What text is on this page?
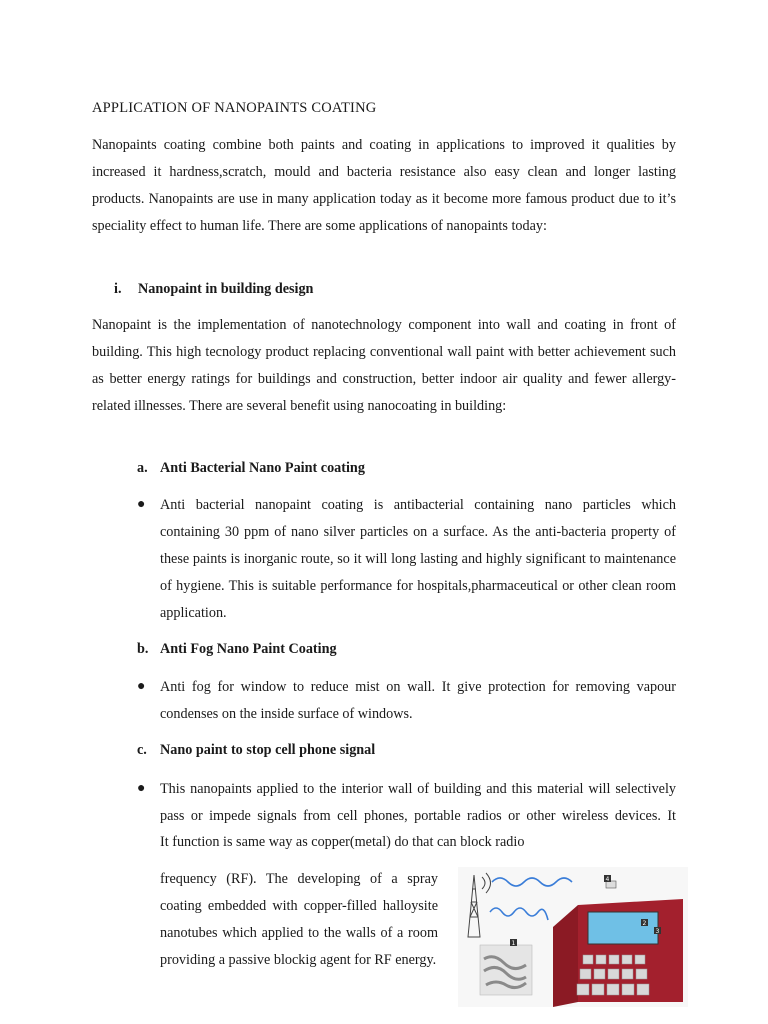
APPLICATION OF NANOPAINTS COATING
Nanopaints coating combine both paints and coating in applications to improved it qualities by increased it hardness,scratch, mould and bacteria resistance also easy clean and longer lasting products. Nanopaints are use in many application today as it become more famous product due to it’s speciality effect to human life. There are some applications of nanopaints today:
i. Nanopaint in building design
Nanopaint is the implementation of nanotechnology component into wall and coating in front of building. This high tecnology product replacing conventional wall paint with better achievement such as better energy ratings for buildings and construction, better indoor air quality and fewer allergy-related illnesses. There are several benefit using nanocoating in building:
a. Anti Bacterial Nano Paint coating
● Anti bacterial nanopaint coating is antibacterial containing nano particles which containing 30 ppm of nano silver particles on a surface. As the anti-bacteria property of these paints is inorganic route, so it will long lasting and highly significant to maintenance of hygiene. This is suitable performance for hospitals,pharmaceutical or other clean room application.
b. Anti Fog Nano Paint Coating
● Anti fog for window to reduce mist on wall. It give protection for removing vapour condenses on the inside surface of windows.
c. Nano paint to stop cell phone signal
● This nanopaints applied to the interior wall of building and this material will selectively pass or impede signals from cell phones, portable radios or other wireless devices. It
It function is same way as copper(metal) do that can block radio
frequency (RF). The developing of a spray coating embedded with copper-filled halloysite nanotubes which applied to the walls of a room providing a passive blockig agent for RF energy.
4
1
2
3
